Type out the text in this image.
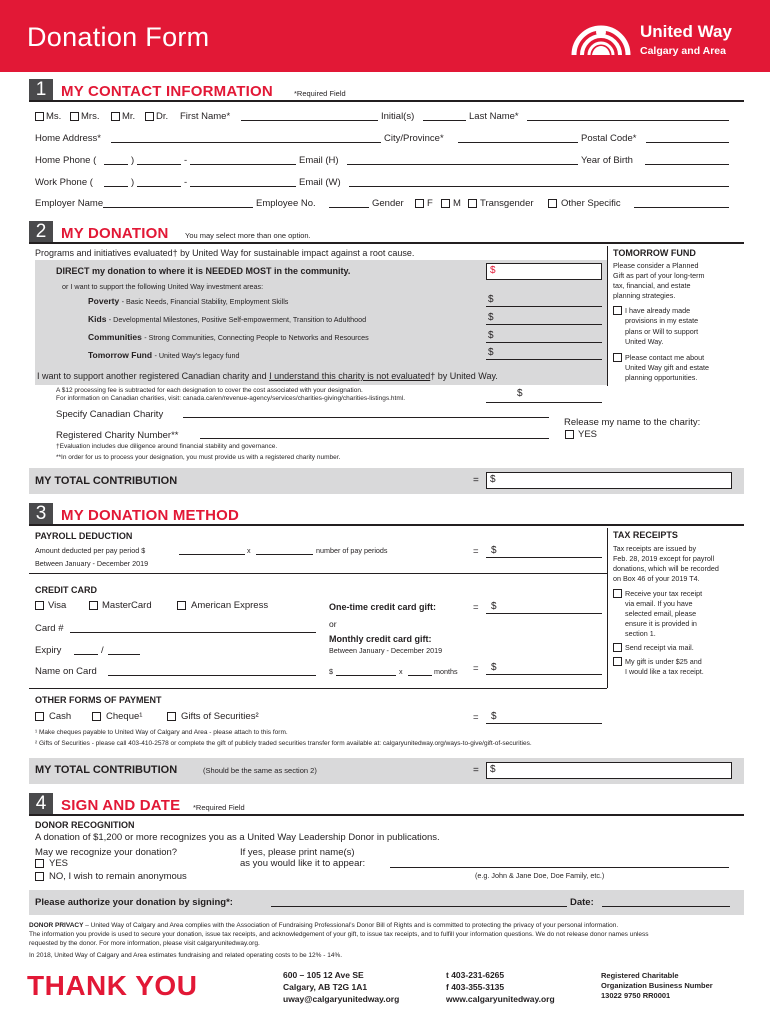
Donation Form	United Way
Calgary and Area
1 MY CONTACT INFORMATION	*Required Field
Ms. Mrs. Mr. Dr. First Name*	Initial(s)	Last Name*
Home Address*	City/Province*	Postal Code*
Home Phone (	)	-	Email (H)	Year of Birth
Work Phone (	)	-	Email (W)
Employer Name	Employee No.	Gender F M Transgender	Other Specific
2 MY DONATION You may select more than one option.
Programs and initiatives evaluated† by United Way for sustainable impact against a root cause.
DIRECT my donation to where it is NEEDED MOST in the community.	$
or I want to support the following United Way investment areas:
Poverty - Basic Needs, Financial Stability, Employment Skills	$
Kids - Developmental Milestones, Positive Self-empowerment, Transition to Adulthood	$
Communities - Strong Communities, Connecting People to Networks and Resources	$
Tomorrow Fund - United Way’s legacy fund	$
I want to support another registered Canadian charity and I understand this charity is not evaluated† by United Way.
A $12 processing fee is subtracted for each designation to cover the cost associated with your designation.
For information on Canadian charities, visit: canada.ca/en/revenue-agency/services/charities-giving/charities-listings.html.	$
Specify Canadian Charity
Registered Charity Number**
Release my name to the charity:
YES
†Evaluation includes due diligence around financial stability and governance.
**In order for us to process your designation, you must provide us with a registered charity number.
MY TOTAL CONTRIBUTION	= $
TOMORROW FUND
Please consider a Planned
Gift as part of your long-term
tax, financial, and estate
planning strategies.
I have already made
provisions in my estate
plans or Will to support
United Way.
Please contact me about
United Way gift and estate
planning opportunities.
3 MY DONATION METHOD
PAYROLL DEDUCTION
Amount deducted per pay period $	x	number of pay periods	= $
Between January - December 2019
CREDIT CARD
Visa	MasterCard	American Express
Card #
Expiry	/
Name on Card
One-time credit card gift:	= $
or
Monthly credit card gift:
Between January - December 2019
$	x	months = $
OTHER FORMS OF PAYMENT
Cash	Cheque¹	Gifts of Securities²	= $
¹ Make cheques payable to United Way of Calgary and Area - please attach to this form.
² Gifts of Securities - please call 403-410-2578 or complete the gift of publicly traded securities transfer form available at: calgaryunitedway.org/ways-to-give/gift-of-securities.
MY TOTAL CONTRIBUTION	(Should be the same as section 2)	= $
TAX RECEIPTS
Tax receipts are issued by
Feb. 28, 2019 except for payroll
donations, which will be recorded
on Box 46 of your 2019 T4.
Receive your tax receipt
via email. If you have
selected email, please
ensure it is provided in
section 1.
Send receipt via mail.
My gift is under $25 and
I would like a tax receipt.
4 SIGN AND DATE *Required Field
DONOR RECOGNITION
A donation of $1,200 or more recognizes you as a United Way Leadership Donor in publications.
May we recognize your donation?
YES
NO, I wish to remain anonymous
If yes, please print name(s)
as you would like it to appear:
(e.g. John & Jane Doe, Doe Family, etc.)
Please authorize your donation by signing*:	Date:
DONOR PRIVACY – United Way of Calgary and Area complies with the Association of Fundraising Professional’s Donor Bill of Rights and is committed to protecting the privacy of your personal information.
The information you provide is used to secure your donation, issue tax receipts, and acknowledgement of your gift, to issue tax receipts, and to fulfill your information questions. We do not release donor names unless
requested by the donor. For more information, please visit calgaryunitedway.org.
In 2018, United Way of Calgary and Area estimates fundraising and related operating costs to be 12% - 14%.
THANK YOU	600 – 105 12 Ave SE
Calgary, AB T2G 1A1
uway@calgaryunitedway.org
t 403-231-6265
f 403-355-3135
www.calgaryunitedway.org
Registered Charitable
Organization Business Number
13022 9750 RR0001
